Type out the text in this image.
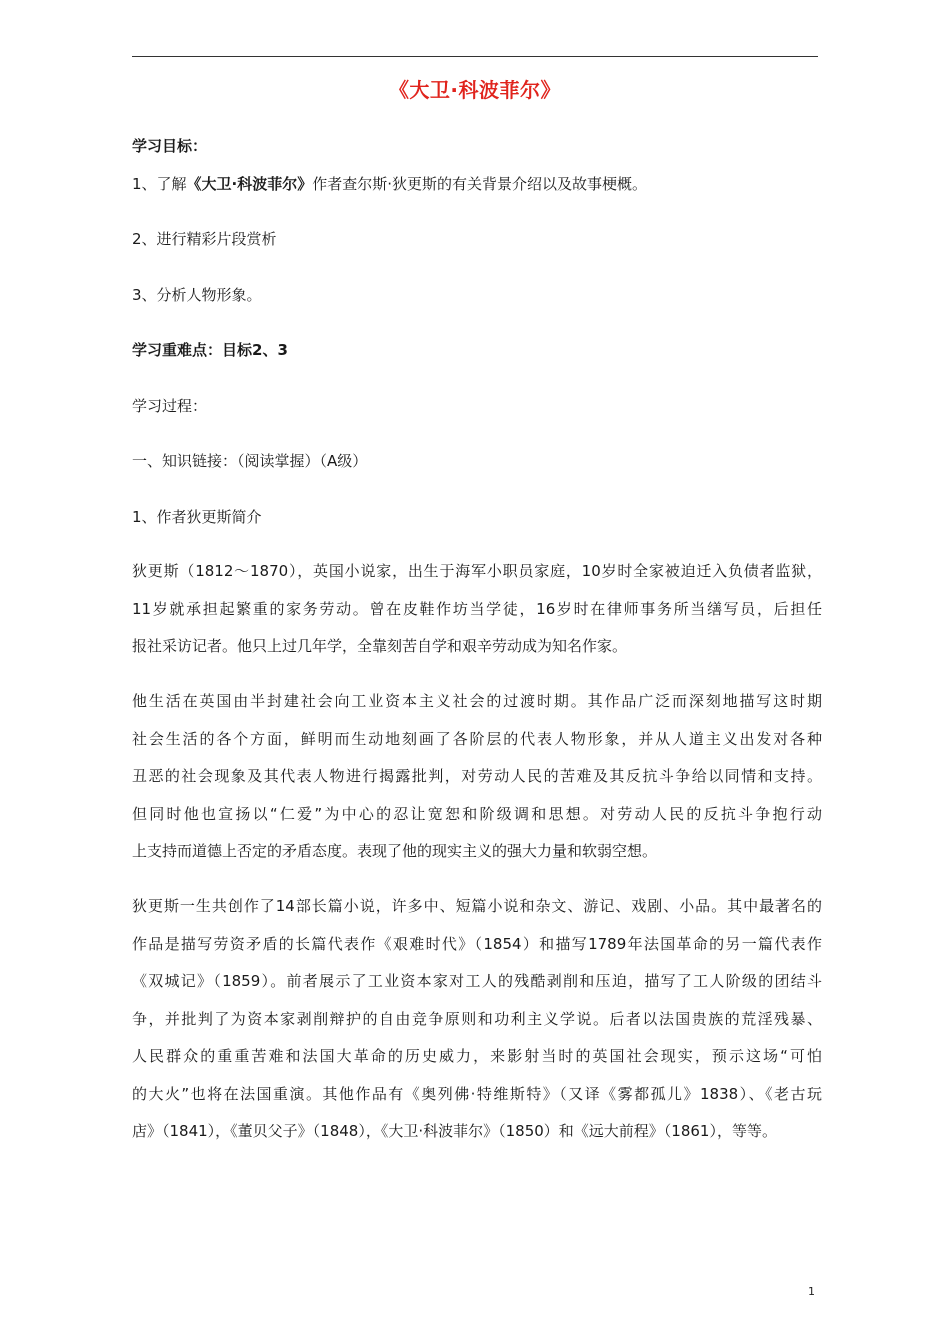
《大卫·科波菲尔》
学习目标：
1、了解《大卫·科波菲尔》作者查尔斯·狄更斯的有关背景介绍以及故事梗概。
2、进行精彩片段赏析
3、分析人物形象。
学习重难点：目标2、3
学习过程：
一、知识链接：（阅读掌握）（A级）
1、作者狄更斯简介
狄更斯（1812～1870），英国小说家，出生于海军小职员家庭，10岁时全家被迫迁入负债者监狱，
11岁就承担起繁重的家务劳动。曾在皮鞋作坊当学徒，16岁时在律师事务所当缮写员，后担任
报社采访记者。他只上过几年学，全靠刻苦自学和艰辛劳动成为知名作家。
他生活在英国由半封建社会向工业资本主义社会的过渡时期。其作品广泛而深刻地描写这时期
社会生活的各个方面，鲜明而生动地刻画了各阶层的代表人物形象，并从人道主义出发对各种
丑恶的社会现象及其代表人物进行揭露批判，对劳动人民的苦难及其反抗斗争给以同情和支持。
但同时他也宣扬以“仁爱”为中心的忍让宽恕和阶级调和思想。对劳动人民的反抗斗争抱行动
上支持而道德上否定的矛盾态度。表现了他的现实主义的强大力量和软弱空想。
狄更斯一生共创作了14部长篇小说，许多中、短篇小说和杂文、游记、戏剧、小品。其中最著名的
作品是描写劳资矛盾的长篇代表作《艰难时代》（1854）和描写1789年法国革命的另一篇代表作
《双城记》（1859）。前者展示了工业资本家对工人的残酷剥削和压迫，描写了工人阶级的团结斗
争，并批判了为资本家剥削辩护的自由竞争原则和功利主义学说。后者以法国贵族的荒淫残暴、
人民群众的重重苦难和法国大革命的历史威力，来影射当时的英国社会现实，预示这场“可怕
的大火”也将在法国重演。其他作品有《奥列佛·特维斯特》（又译《雾都孤儿》1838）、《老古玩
店》（1841），《董贝父子》（1848），《大卫·科波菲尔》（1850）和《远大前程》（1861），等等。
1
